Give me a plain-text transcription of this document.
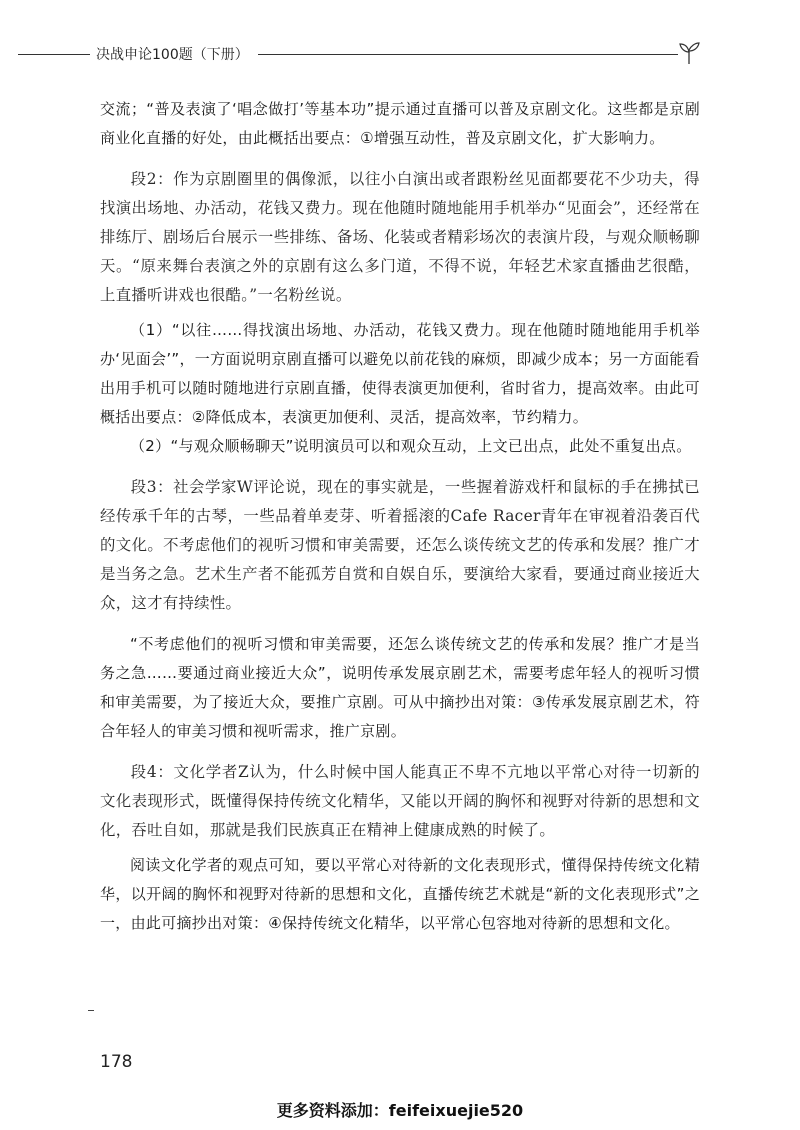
决战申论100题（下册）

交流；“普及表演了‘唱念做打’等基本功”提示通过直播可以普及京剧文化。这些都是京剧商业化直播的好处，由此概括出要点：①增强互动性，普及京剧文化，扩大影响力。

段2：作为京剧圈里的偶像派，以往小白演出或者跟粉丝见面都要花不少功夫，得找演出场地、办活动，花钱又费力。现在他随时随地能用手机举办“见面会”，还经常在排练厅、剧场后台展示一些排练、备场、化装或者精彩场次的表演片段，与观众顺畅聊天。“原来舞台表演之外的京剧有这么多门道，不得不说，年轻艺术家直播曲艺很酷，上直播听讲戏也很酷。”一名粉丝说。

（1）“以往……得找演出场地、办活动，花钱又费力。现在他随时随地能用手机举办‘见面会’”，一方面说明京剧直播可以避免以前花钱的麻烦，即减少成本；另一方面能看出用手机可以随时随地进行京剧直播，使得表演更加便利，省时省力，提高效率。由此可概括出要点：②降低成本，表演更加便利、灵活，提高效率，节约精力。

（2）“与观众顺畅聊天”说明演员可以和观众互动，上文已出点，此处不重复出点。

段3：社会学家W评论说，现在的事实就是，一些握着游戏杆和鼠标的手在拂拭已经传承千年的古琴，一些品着单麦芽、听着摇滚的Cafe Racer青年在审视着沿袭百代的文化。不考虑他们的视听习惯和审美需要，还怎么谈传统文艺的传承和发展？推广才是当务之急。艺术生产者不能孤芳自赏和自娱自乐，要演给大家看，要通过商业接近大众，这才有持续性。

“不考虑他们的视听习惯和审美需要，还怎么谈传统文艺的传承和发展？推广才是当务之急……要通过商业接近大众”，说明传承发展京剧艺术，需要考虑年轻人的视听习惯和审美需要，为了接近大众，要推广京剧。可从中摘抄出对策：③传承发展京剧艺术，符合年轻人的审美习惯和视听需求，推广京剧。

段4：文化学者Z认为，什么时候中国人能真正不卑不亢地以平常心对待一切新的文化表现形式，既懂得保持传统文化精华，又能以开阔的胸怀和视野对待新的思想和文化，吞吐自如，那就是我们民族真正在精神上健康成熟的时候了。

阅读文化学者的观点可知，要以平常心对待新的文化表现形式，懂得保持传统文化精华，以开阔的胸怀和视野对待新的思想和文化，直播传统艺术就是“新的文化表现形式”之一，由此可摘抄出对策：④保持传统文化精华，以平常心包容地对待新的思想和文化。

178
更多资料添加：feifeixuejie520
